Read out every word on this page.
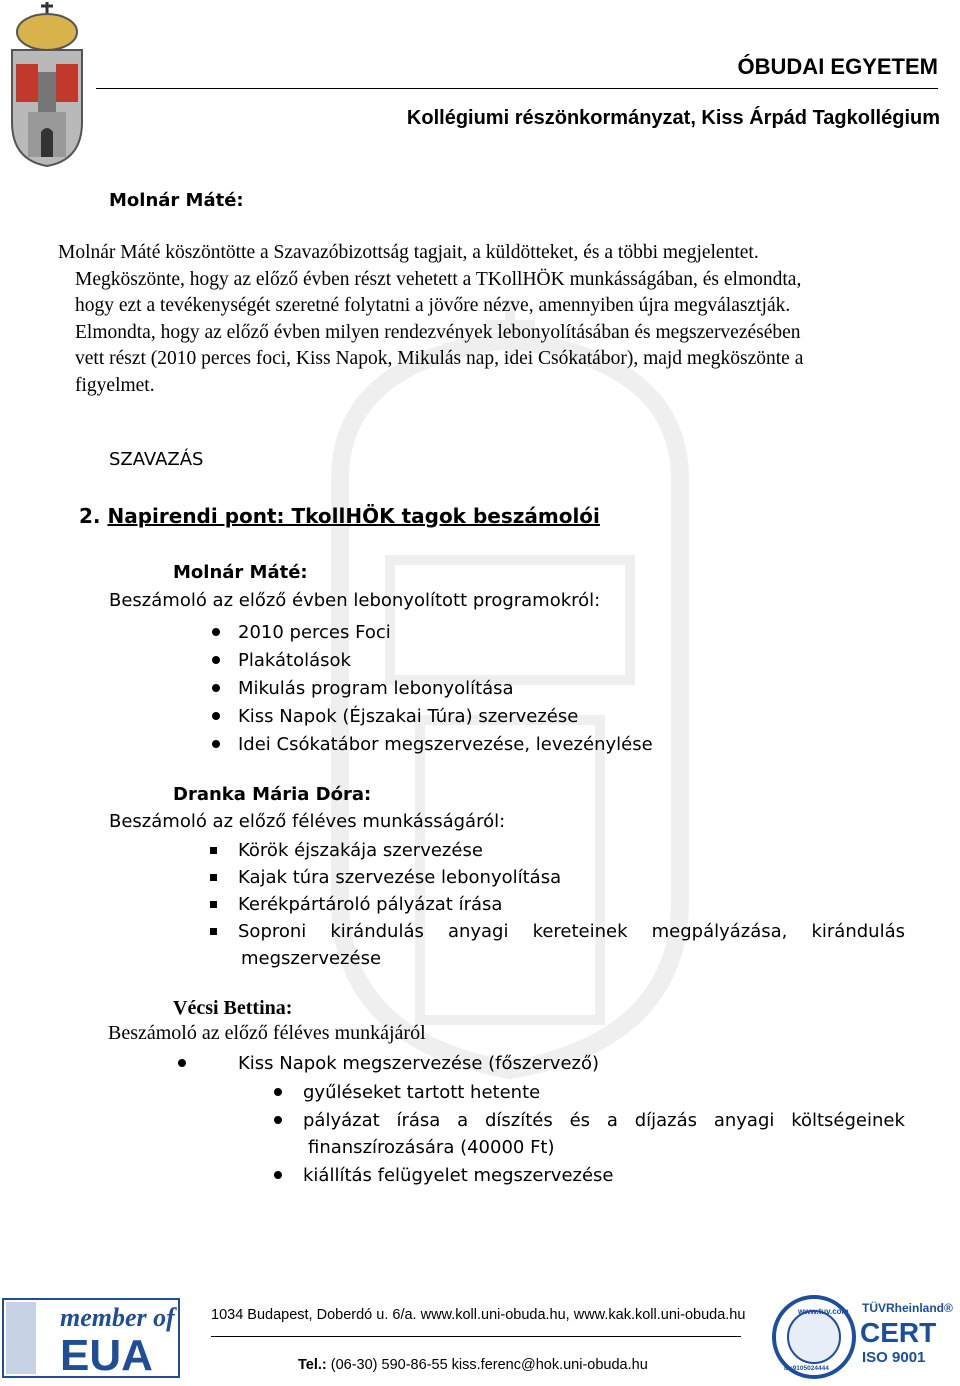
ÓBUDAI EGYETEM
Kollégiumi részönkormányzat, Kiss Árpád Tagkollégium
Molnár Máté:
Molnár Máté köszöntötte a Szavazóbizottság tagjait, a küldötteket, és a többi megjelentet.
Megköszönte, hogy az előző évben részt vehetett a TKollHÖK munkásságában, és elmondta,
hogy ezt a tevékenységét szeretné folytatni a jövőre nézve, amennyiben újra megválasztják.
Elmondta, hogy az előző évben milyen rendezvények lebonyolításában és megszervezésében
vett részt (2010 perces foci, Kiss Napok, Mikulás nap, idei Csókatábor), majd megköszönte a
figyelmet.
SZAVAZÁS
2. Napirendi pont: TkollHÖK tagok beszámolói
Molnár Máté:
Beszámoló az előző évben lebonyolított programokról:
2010 perces Foci
Plakátolások
Mikulás program lebonyolítása
Kiss Napok (Éjszakai Túra) szervezése
Idei Csókatábor megszervezése, levezénylése
Dranka Mária Dóra:
Beszámoló az előző féléves munkásságáról:
Körök éjszakája szervezése
Kajak túra szervezése lebonyolítása
Kerékpártároló pályázat írása
Soproni kirándulás anyagi kereteinek megpályázása, kirándulás
megszervezése
Vécsi Bettina:
Beszámoló az előző féléves munkájáról
Kiss Napok megszervezése (főszervező)
gyűléseket tartott hetente
pályázat írása a díszítés és a díjazás anyagi költségeinek
finanszírozására (40000 Ft)
kiállítás felügyelet megszervezése
member of
EUA
1034 Budapest, Doberdó u. 6/a. www.koll.uni-obuda.hu, www.kak.koll.uni-obuda.hu
Tel.: (06-30) 590-86-55 kiss.ferenc@hok.uni-obuda.hu
www.tuv.com
ID:9105024444
TÜVRheinland®
CERT
ISO 9001
